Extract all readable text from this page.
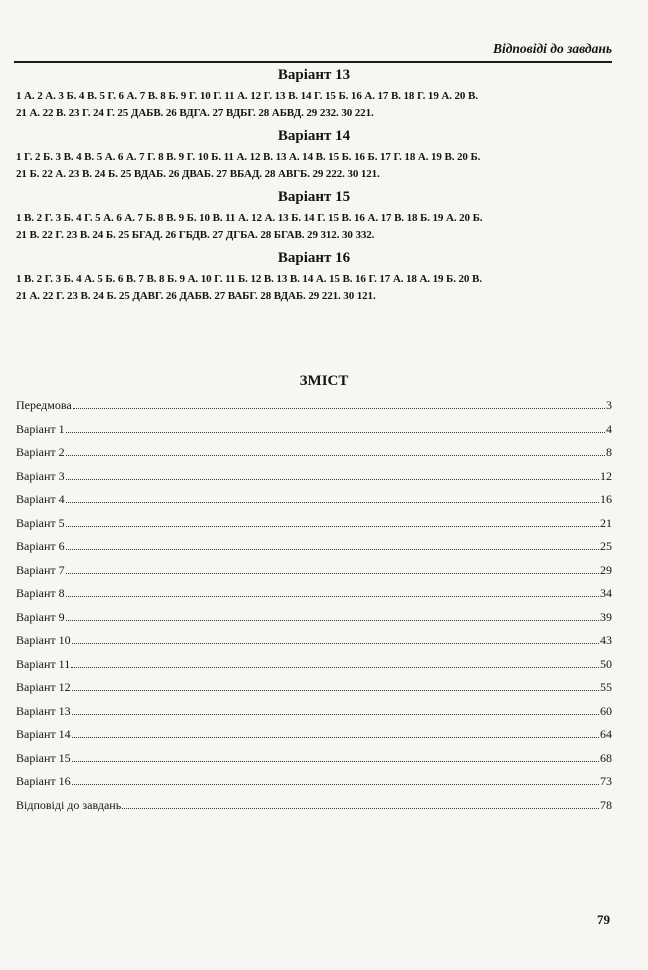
Відповіді до завдань
Варіант 13
1 А. 2 А. 3 Б. 4 В. 5 Г. 6 А. 7 В. 8 Б. 9 Г. 10 Г. 11 А. 12 Г. 13 В. 14 Г. 15 Б. 16 А. 17 В. 18 Г. 19 А. 20 В.
21 А. 22 В. 23 Г. 24 Г. 25 ДАБВ. 26 ВДГА. 27 ВДБГ. 28 АБВД. 29 232. 30 221.
Варіант 14
1 Г. 2 Б. 3 В. 4 В. 5 А. 6 А. 7 Г. 8 В. 9 Г. 10 Б. 11 А. 12 В. 13 А. 14 В. 15 Б. 16 Б. 17 Г. 18 А. 19 В. 20 Б.
21 Б. 22 А. 23 В. 24 Б. 25 ВДАБ. 26 ДВАБ. 27 ВБАД. 28 АВГБ. 29 222. 30 121.
Варіант 15
1 В. 2 Г. 3 Б. 4 Г. 5 А. 6 А. 7 Б. 8 В. 9 Б. 10 В. 11 А. 12 А. 13 Б. 14 Г. 15 В. 16 А. 17 В. 18 Б. 19 А. 20 Б.
21 В. 22 Г. 23 В. 24 Б. 25 БГАД. 26 ГБДВ. 27 ДГБА. 28 БГАВ. 29 312. 30 332.
Варіант 16
1 В. 2 Г. 3 Б. 4 А. 5 Б. 6 В. 7 В. 8 Б. 9 А. 10 Г. 11 Б. 12 В. 13 В. 14 А. 15 В. 16 Г. 17 А. 18 А. 19 Б. 20 В.
21 А. 22 Г. 23 В. 24 Б. 25 ДАВГ. 26 ДАБВ. 27 ВАБГ. 28 ВДАБ. 29 221. 30 121.
ЗМІСТ
Передмова	3
Варіант 1	4
Варіант 2	8
Варіант 3	12
Варіант 4	16
Варіант 5	21
Варіант 6	25
Варіант 7	29
Варіант 8	34
Варіант 9	39
Варіант 10	43
Варіант 11	50
Варіант 12	55
Варіант 13	60
Варіант 14	64
Варіант 15	68
Варіант 16	73
Відповіді до завдань	78
79
